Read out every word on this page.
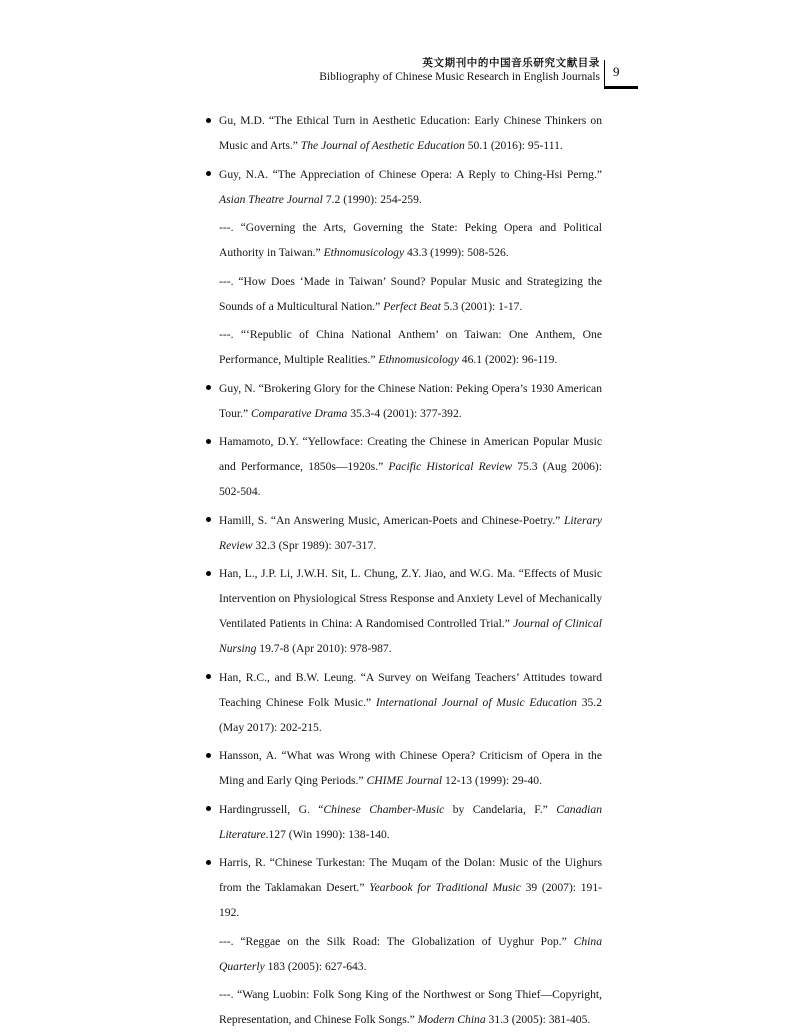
英文期刊中的中国音乐研究文献目录
Bibliography of Chinese Music Research in English Journals 9

Gu, M.D. “The Ethical Turn in Aesthetic Education: Early Chinese Thinkers on Music and Arts.” The Journal of Aesthetic Education 50.1 (2016): 95-111.

Guy, N.A. “The Appreciation of Chinese Opera: A Reply to Ching-Hsi Perng.” Asian Theatre Journal 7.2 (1990): 254-259.

---. “Governing the Arts, Governing the State: Peking Opera and Political Authority in Taiwan.” Ethnomusicology 43.3 (1999): 508-526.

---. “How Does ‘Made in Taiwan’ Sound? Popular Music and Strategizing the Sounds of a Multicultural Nation.” Perfect Beat 5.3 (2001): 1-17.

---. “‘Republic of China National Anthem’ on Taiwan: One Anthem, One Performance, Multiple Realities.” Ethnomusicology 46.1 (2002): 96-119.

Guy, N. “Brokering Glory for the Chinese Nation: Peking Opera’s 1930 American Tour.” Comparative Drama 35.3-4 (2001): 377-392.

Hamamoto, D.Y. “Yellowface: Creating the Chinese in American Popular Music and Performance, 1850s—1920s.” Pacific Historical Review 75.3 (Aug 2006): 502-504.

Hamill, S. “An Answering Music, American-Poets and Chinese-Poetry.” Literary Review 32.3 (Spr 1989): 307-317.

Han, L., J.P. Li, J.W.H. Sit, L. Chung, Z.Y. Jiao, and W.G. Ma. “Effects of Music Intervention on Physiological Stress Response and Anxiety Level of Mechanically Ventilated Patients in China: A Randomised Controlled Trial.” Journal of Clinical Nursing 19.7-8 (Apr 2010): 978-987.

Han, R.C., and B.W. Leung. “A Survey on Weifang Teachers’ Attitudes toward Teaching Chinese Folk Music.” International Journal of Music Education 35.2 (May 2017): 202-215.

Hansson, A. “What was Wrong with Chinese Opera? Criticism of Opera in the Ming and Early Qing Periods.” CHIME Journal 12-13 (1999): 29-40.

Hardingrussell, G. “Chinese Chamber-Music by Candelaria, F.” Canadian Literature.127 (Win 1990): 138-140.

Harris, R. “Chinese Turkestan: The Muqam of the Dolan: Music of the Uighurs from the Taklamakan Desert.” Yearbook for Traditional Music 39 (2007): 191-192.

---. “Reggae on the Silk Road: The Globalization of Uyghur Pop.” China Quarterly 183 (2005): 627-643.

---. “Wang Luobin: Folk Song King of the Northwest or Song Thief—Copyright, Representation, and Chinese Folk Songs.” Modern China 31.3 (2005): 381-405.
